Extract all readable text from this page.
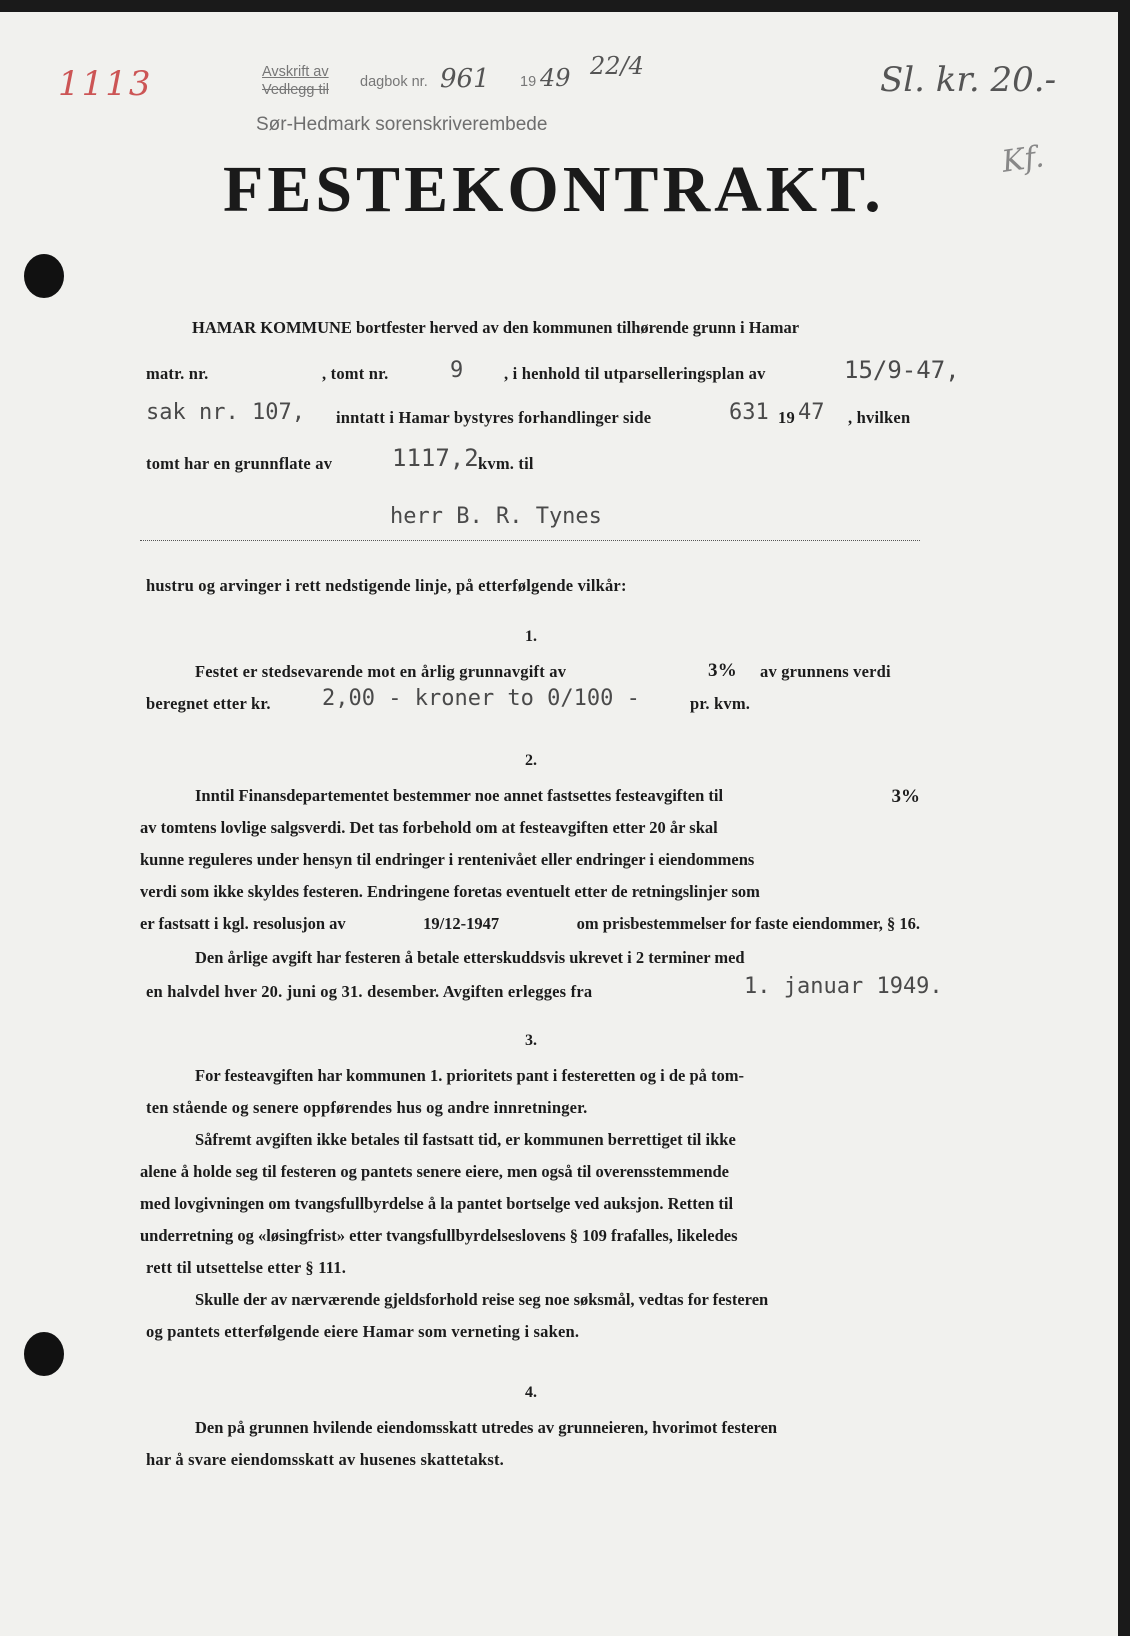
1113	Avskrift av
Vedlegg til dagbok nr. 961 19 49 22/4
Sør-Hedmark sorenskriverembede
Sl. kr. 20.-
Kf.
FESTEKONTRAKT.
HAMAR KOMMUNE bortfester herved av den kommunen tilhørende grunn i Hamar
matr. nr.	, tomt nr.	9 , i henhold til utparselleringsplan av	15/9-47,
sak nr. 107, inntatt i Hamar bystyres forhandlinger side	631 19 47 , hvilken
tomt har en grunnflate av 1117,2 kvm. til
herr B. R. Tynes
hustru og arvinger i rett nedstigende linje, på etterfølgende vilkår:
1.
Festet er stedsevarende mot en årlig grunnavgift av	3% av grunnens verdi
beregnet etter kr. 2,00 - kroner to 0/100 -	pr. kvm.
2.
Inntil Finansdepartementet bestemmer noe annet fastsettes festeavgiften til	3%
av tomtens lovlige salgsverdi. Det tas forbehold om at festeavgiften etter 20 år skal
kunne reguleres under hensyn til endringer i rentenivået eller endringer i eiendommens
verdi som ikke skyldes festeren. Endringene foretas eventuelt etter de retningslinjer som
er fastsatt i kgl. resolusjon av	19/12-1947	om prisbestemmelser for faste eiendommer, § 16.
Den årlige avgift har festeren å betale etterskuddsvis ukrevet i 2 terminer med
en halvdel hver 20. juni og 31. desember. Avgiften erlegges fra	1. januar 1949.
3.
For festeavgiften har kommunen 1. prioritets pant i festeretten og i de på tom-
ten stående og senere oppførendes hus og andre innretninger.
Såfremt avgiften ikke betales til fastsatt tid, er kommunen berrettiget til ikke
alene å holde seg til festeren og pantets senere eiere, men også til overensstemmende
med lovgivningen om tvangsfullbyrdelse å la pantet bortselge ved auksjon. Retten til
underretning og «løsingfrist» etter tvangsfullbyrdelseslovens § 109 frafalles, likeledes
rett til utsettelse etter § 111.
Skulle der av nærværende gjeldsforhold reise seg noe søksmål, vedtas for festeren
og pantets etterfølgende eiere Hamar som verneting i saken.
4.
Den på grunnen hvilende eiendomsskatt utredes av grunneieren, hvorimot festeren
har å svare eiendomsskatt av husenes skattetakst.
